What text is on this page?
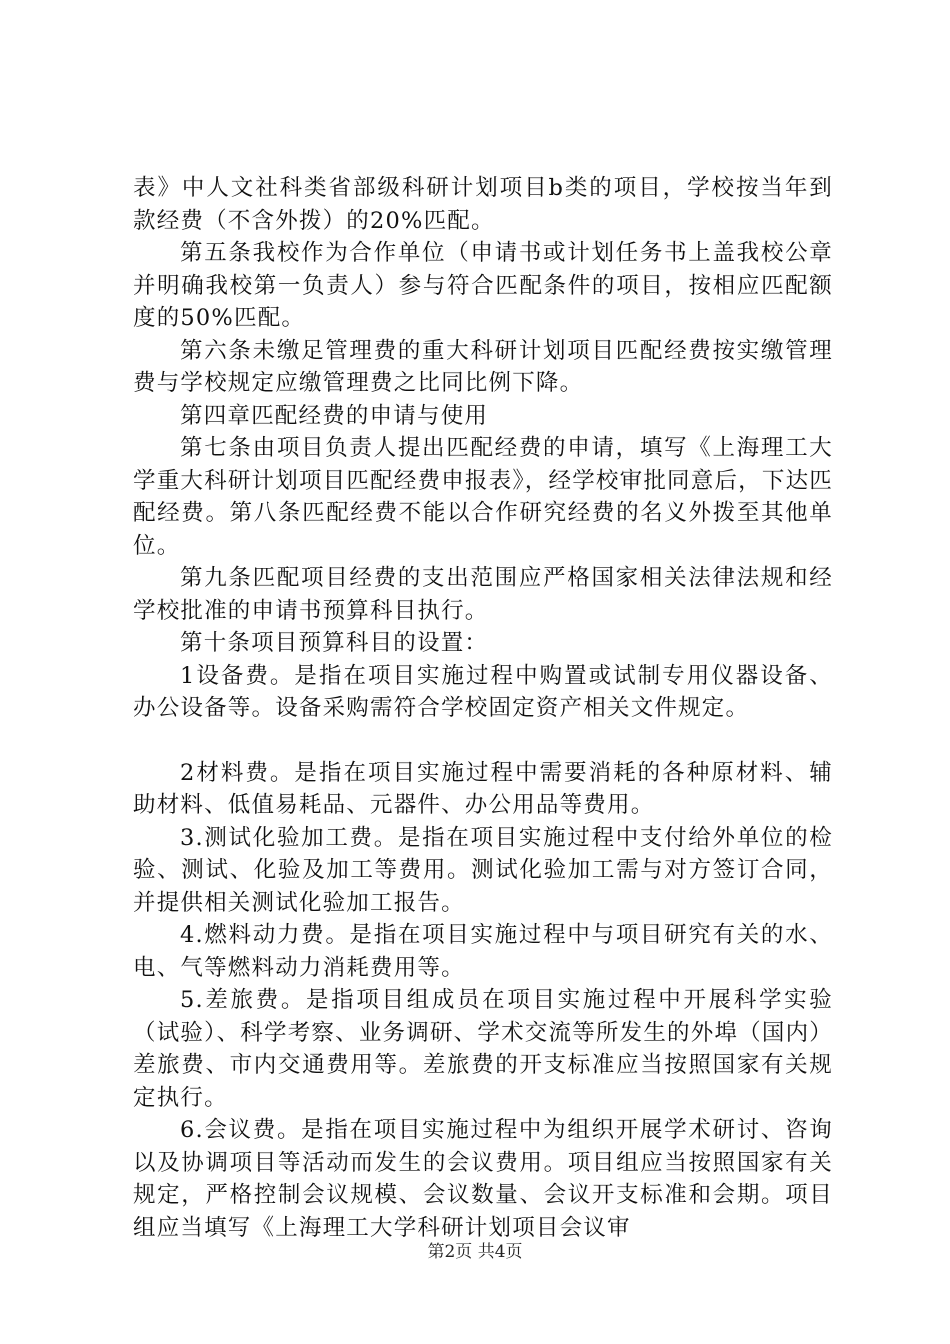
表》中人文社科类省部级科研计划项目b类的项目，学校按当年到款经费（不含外拨）的20%匹配。

第五条我校作为合作单位（申请书或计划任务书上盖我校公章并明确我校第一负责人）参与符合匹配条件的项目，按相应匹配额度的50%匹配。

第六条未缴足管理费的重大科研计划项目匹配经费按实缴管理费与学校规定应缴管理费之比同比例下降。

第四章匹配经费的申请与使用

第七条由项目负责人提出匹配经费的申请，填写《上海理工大学重大科研计划项目匹配经费申报表》，经学校审批同意后，下达匹配经费。第八条匹配经费不能以合作研究经费的名义外拨至其他单位。

第九条匹配项目经费的支出范围应严格国家相关法律法规和经学校批准的申请书预算科目执行。

第十条项目预算科目的设置：

1设备费。是指在项目实施过程中购置或试制专用仪器设备、办公设备等。设备采购需符合学校固定资产相关文件规定。

2材料费。是指在项目实施过程中需要消耗的各种原材料、辅助材料、低值易耗品、元器件、办公用品等费用。

3.测试化验加工费。是指在项目实施过程中支付给外单位的检验、测试、化验及加工等费用。测试化验加工需与对方签订合同，并提供相关测试化验加工报告。

4.燃料动力费。是指在项目实施过程中与项目研究有关的水、电、气等燃料动力消耗费用等。

5.差旅费。是指项目组成员在项目实施过程中开展科学实验（试验）、科学考察、业务调研、学术交流等所发生的外埠（国内）差旅费、市内交通费用等。差旅费的开支标准应当按照国家有关规定执行。

6.会议费。是指在项目实施过程中为组织开展学术研讨、咨询以及协调项目等活动而发生的会议费用。项目组应当按照国家有关规定，严格控制会议规模、会议数量、会议开支标准和会期。项目组应当填写《上海理工大学科研计划项目会议审

第2页 共4页
